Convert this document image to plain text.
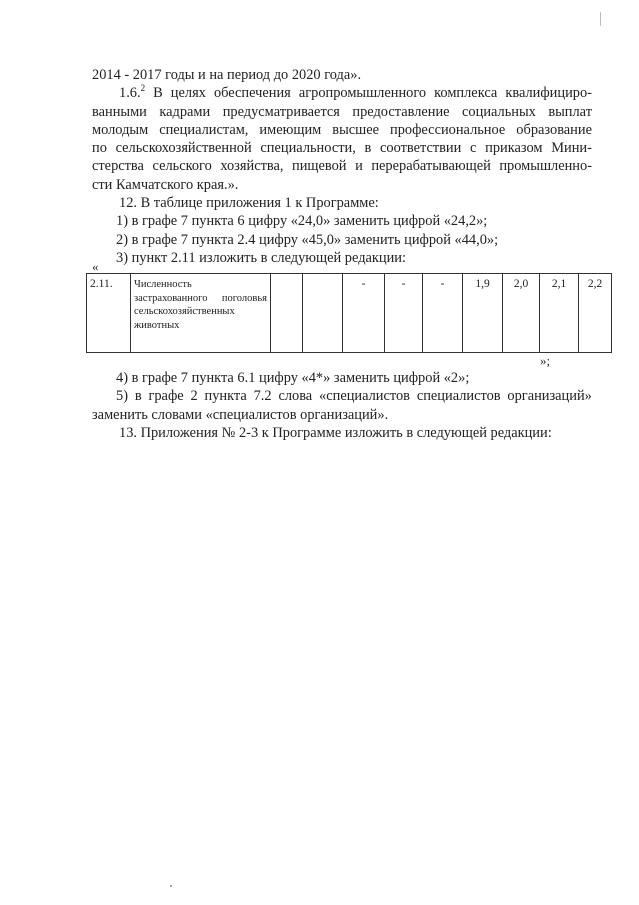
2014 - 2017 годы и на период до 2020 года».
1.6.$^2$ В целях обеспечения агропромышленного комплекса квалифициро-
ванными кадрами предусматривается предоставление социальных выплат
молодым специалистам, имеющим высшее профессиональное образование
по сельскохозяйственной специальности, в соответствии с приказом Мини-
стерства сельского хозяйства, пищевой и перерабатывающей промышленно-
сти Камчатского края.».
12. В таблице приложения 1 к Программе:
1) в графе 7 пункта 6 цифру «24,0» заменить цифрой «24,2»;
2) в графе 7 пункта 2.4 цифру «45,0» заменить цифрой «44,0»;
3) пункт 2.11 изложить в следующей редакции:
«
2.11.	Численность застрахованного поголовья сельскохозяйственных животных			-	-	-	1,9	2,0	2,1	2,2
»;
4) в графе 7 пункта 6.1 цифру «4*» заменить цифрой «2»;
5) в графе 2 пункта 7.2 слова «специалистов специалистов организаций»
заменить словами «специалистов организаций».
13. Приложения № 2-3 к Программе изложить в следующей редакции:
